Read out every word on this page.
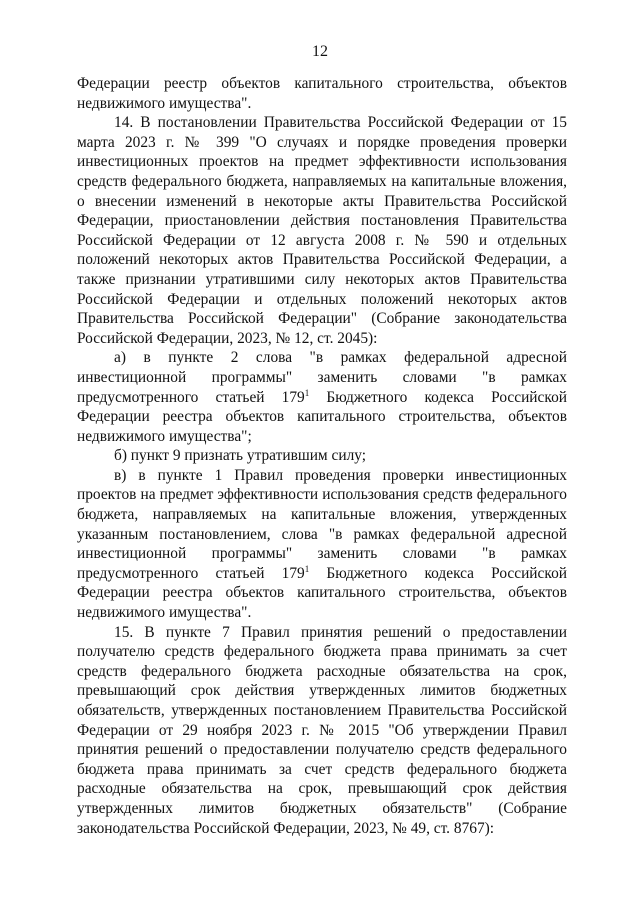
12

Федерации реестр объектов капитального строительства, объектов недвижимого имущества".

14. В постановлении Правительства Российской Федерации от 15 марта 2023 г. № 399 "О случаях и порядке проведения проверки инвестиционных проектов на предмет эффективности использования средств федерального бюджета, направляемых на капитальные вложения, о внесении изменений в некоторые акты Правительства Российской Федерации, приостановлении действия постановления Правительства Российской Федерации от 12 августа 2008 г. № 590 и отдельных положений некоторых актов Правительства Российской Федерации, а также признании утратившими силу некоторых актов Правительства Российской Федерации и отдельных положений некоторых актов Правительства Российской Федерации" (Собрание законодательства Российской Федерации, 2023, № 12, ст. 2045):

а) в пункте 2 слова "в рамках федеральной адресной инвестиционной программы" заменить словами "в рамках предусмотренного статьей $179^1$ Бюджетного кодекса Российской Федерации реестра объектов капитального строительства, объектов недвижимого имущества";

б) пункт 9 признать утратившим силу;

в) в пункте 1 Правил проведения проверки инвестиционных проектов на предмет эффективности использования средств федерального бюджета, направляемых на капитальные вложения, утвержденных указанным постановлением, слова "в рамках федеральной адресной инвестиционной программы" заменить словами "в рамках предусмотренного статьей $179^1$ Бюджетного кодекса Российской Федерации реестра объектов капитального строительства, объектов недвижимого имущества".

15. В пункте 7 Правил принятия решений о предоставлении получателю средств федерального бюджета права принимать за счет средств федерального бюджета расходные обязательства на срок, превышающий срок действия утвержденных лимитов бюджетных обязательств, утвержденных постановлением Правительства Российской Федерации от 29 ноября 2023 г. № 2015 "Об утверждении Правил принятия решений о предоставлении получателю средств федерального бюджета права принимать за счет средств федерального бюджета расходные обязательства на срок, превышающий срок действия утвержденных лимитов бюджетных обязательств" (Собрание законодательства Российской Федерации, 2023, № 49, ст. 8767):
